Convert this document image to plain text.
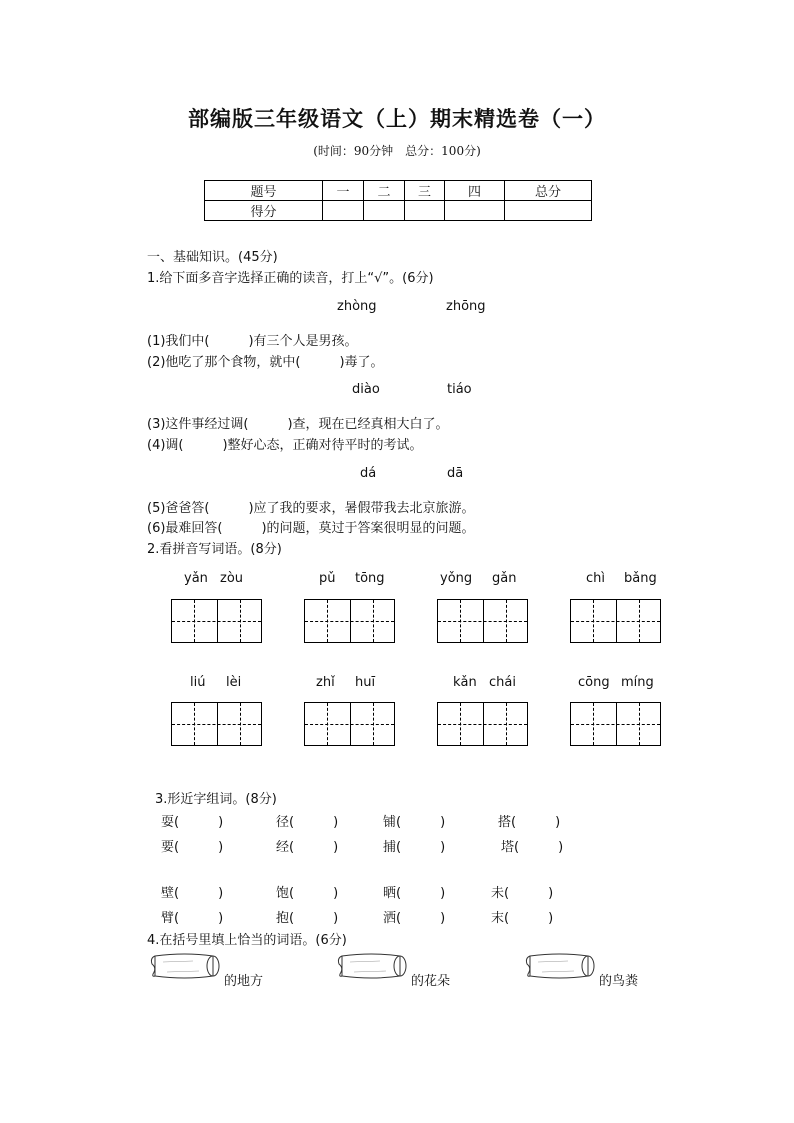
部编版三年级语文（上）期末精选卷（一）
(时间：90分钟　总分：100分)
题号	一	二	三	四	总分
得分					
一、基础知识。(45分)
1.给下面多音字选择正确的读音，打上“√”。(6分)
zhòng	zhōng
(1)我们中(　　　)有三个人是男孩。
(2)他吃了那个食物，就中(　　　)毒了。
diào	tiáo
(3)这件事经过调(　　　)查，现在已经真相大白了。
(4)调(　　　)整好心态，正确对待平时的考试。
dá	dā
(5)爸爸答(　　　)应了我的要求，暑假带我去北京旅游。
(6)最难回答(　　　)的问题，莫过于答案很明显的问题。
2.看拼音写词语。(8分)
yǎn zòu	pǔ tōng	yǒng gǎn	chì bǎng
liú lèi	zhǐ huī	kǎn chái	cōng míng
3.形近字组词。(8分)
耍(　　　)	径(　　　)	铺(　　　)	搭(　　　)
要(　　　)	经(　　　)	捕(　　　)	塔(　　　)
壁(　　　)	饱(　　　)	晒(　　　)	未(　　　)
臂(　　　)	抱(　　　)	洒(　　　)	末(　　　)
4.在括号里填上恰当的词语。(6分)
的地方	的花朵	的鸟粪
